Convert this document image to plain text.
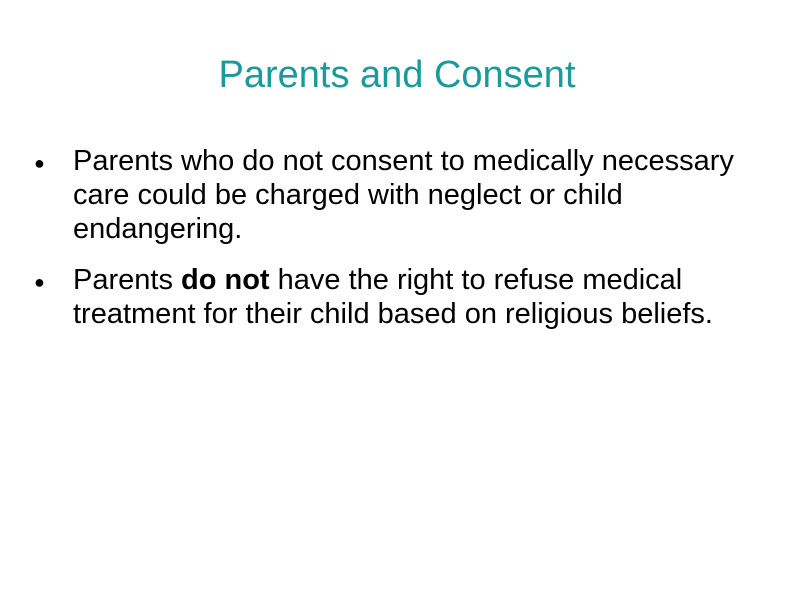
Parents and Consent
● Parents who do not consent to medically necessary care could be charged with neglect or child endangering.
● Parents do not have the right to refuse medical treatment for their child based on religious beliefs.
